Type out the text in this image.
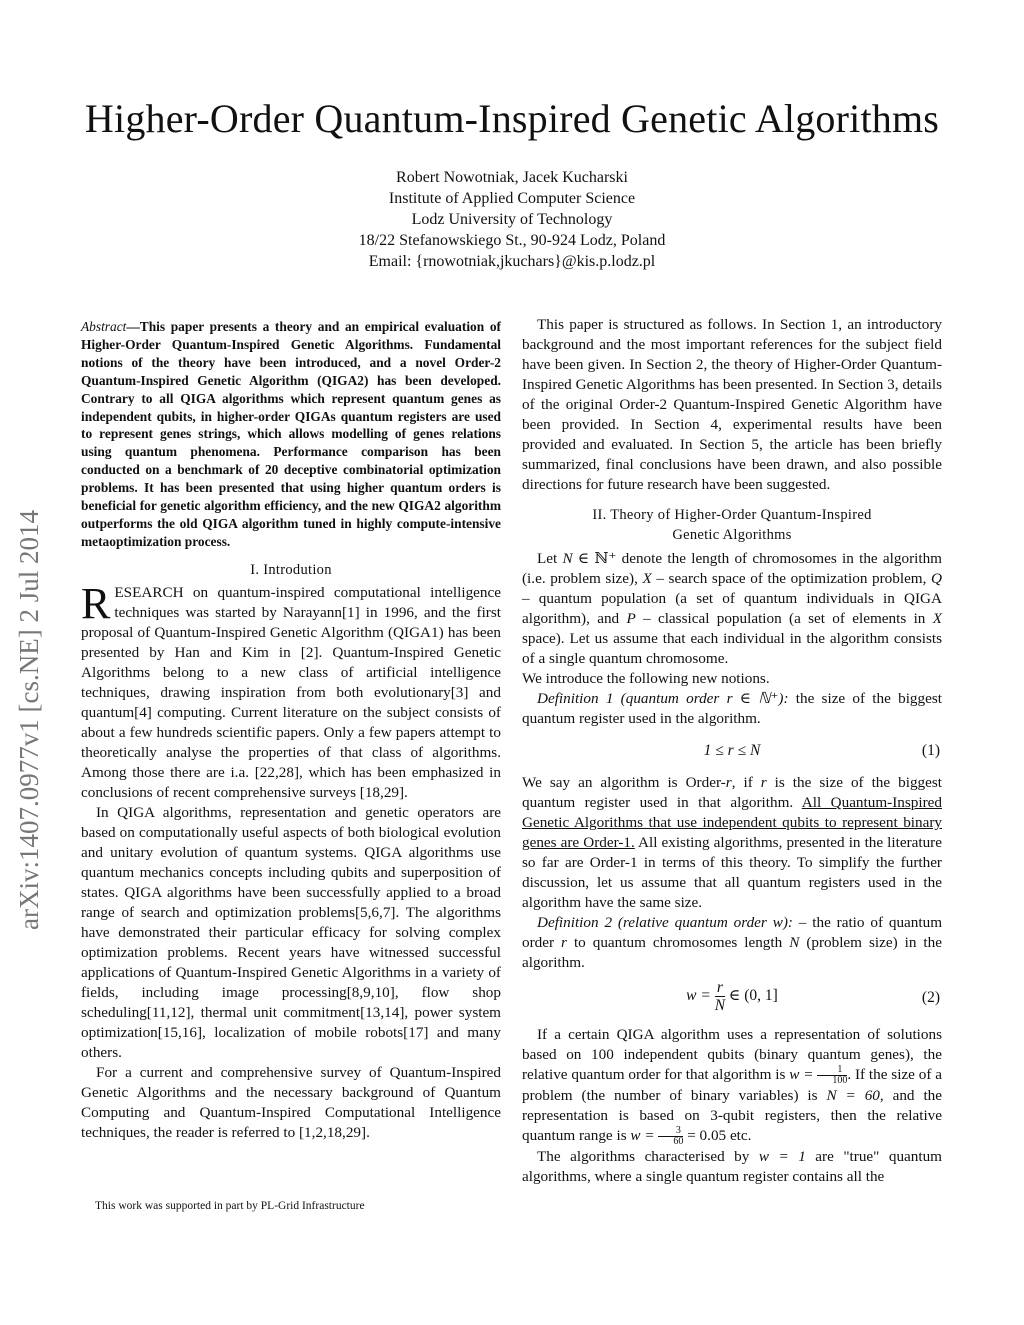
Higher-Order Quantum-Inspired Genetic Algorithms
Robert Nowotniak, Jacek Kucharski
Institute of Applied Computer Science
Lodz University of Technology
18/22 Stefanowskiego St., 90-924 Lodz, Poland
Email: {rnowotniak,jkuchars}@kis.p.lodz.pl
arXiv:1407.0977v1 [cs.NE] 2 Jul 2014
Abstract—This paper presents a theory and an empirical evaluation of Higher-Order Quantum-Inspired Genetic Algorithms. Fundamental notions of the theory have been introduced, and a novel Order-2 Quantum-Inspired Genetic Algorithm (QIGA2) has been developed. Contrary to all QIGA algorithms which represent quantum genes as independent qubits, in higher-order QIGAs quantum registers are used to represent genes strings, which allows modelling of genes relations using quantum phenomena. Performance comparison has been conducted on a benchmark of 20 deceptive combinatorial optimization problems. It has been presented that using higher quantum orders is beneficial for genetic algorithm efficiency, and the new QIGA2 algorithm outperforms the old QIGA algorithm tuned in highly compute-intensive metaoptimization process.
I. Introdution

RESEARCH on quantum-inspired computational intelligence techniques was started by Narayann[1] in 1996, and the first proposal of Quantum-Inspired Genetic Algorithm (QIGA1) has been presented by Han and Kim in [2]. Quantum-Inspired Genetic Algorithms belong to a new class of artificial intelligence techniques, drawing inspiration from both evolutionary[3] and quantum[4] computing. Current literature on the subject consists of about a few hundreds scientific papers. Only a few papers attempt to theoretically analyse the properties of that class of algorithms. Among those there are i.a. [22,28], which has been emphasized in conclusions of recent comprehensive surveys [18,29].

In QIGA algorithms, representation and genetic operators are based on computationally useful aspects of both biological evolution and unitary evolution of quantum systems. QIGA algorithms use quantum mechanics concepts including qubits and superposition of states. QIGA algorithms have been successfully applied to a broad range of search and optimization problems[5,6,7]. The algorithms have demonstrated their particular efficacy for solving complex optimization problems. Recent years have witnessed successful applications of Quantum-Inspired Genetic Algorithms in a variety of fields, including image processing[8,9,10], flow shop scheduling[11,12], thermal unit commitment[13,14], power system optimization[15,16], localization of mobile robots[17] and many others.

For a current and comprehensive survey of Quantum-Inspired Genetic Algorithms and the necessary background of Quantum Computing and Quantum-Inspired Computational Intelligence techniques, the reader is referred to [1,2,18,29].

This work was supported in part by PL-Grid Infrastructure

This paper is structured as follows. In Section 1, an introductory background and the most important references for the subject field have been given. In Section 2, the theory of Higher-Order Quantum-Inspired Genetic Algorithms has been presented. In Section 3, details of the original Order-2 Quantum-Inspired Genetic Algorithm have been provided. In Section 4, experimental results have been provided and evaluated. In Section 5, the article has been briefly summarized, final conclusions have been drawn, and also possible directions for future research have been suggested.

II. Theory of Higher-Order Quantum-Inspired
Genetic Algorithms

Let N ∈ ℕ⁺ denote the length of chromosomes in the algorithm (i.e. problem size), X – search space of the optimization problem, Q – quantum population (a set of quantum individuals in QIGA algorithm), and P – classical population (a set of elements in X space). Let us assume that each individual in the algorithm consists of a single quantum chromosome.

We introduce the following new notions.

Definition 1 (quantum order r ∈ ℕ⁺): the size of the biggest quantum register used in the algorithm.

1 ≤ r ≤ N	(1)

We say an algorithm is Order-r, if r is the size of the biggest quantum register used in that algorithm. All Quantum-Inspired Genetic Algorithms that use independent qubits to represent binary genes are Order-1. All existing algorithms, presented in the literature so far are Order-1 in terms of this theory. To simplify the further discussion, let us assume that all quantum registers used in the algorithm have the same size.

Definition 2 (relative quantum order w): – the ratio of quantum order r to quantum chromosomes length N (problem size) in the algorithm.

$w = \frac{r}{N}$ ∈ (0, 1]	(2)

If a certain QIGA algorithm uses a representation of solutions based on 100 independent qubits (binary quantum genes), the relative quantum order for that algorithm is $w = \frac{1}{100}$ . If the size of a problem (the number of binary variables) is N = 60, and the representation is based on 3-qubit registers, then the relative quantum range is $w = \frac{3}{60} = 0.05$ etc.

The algorithms characterised by w = 1 are "true" quantum algorithms, where a single quantum register contains all the
